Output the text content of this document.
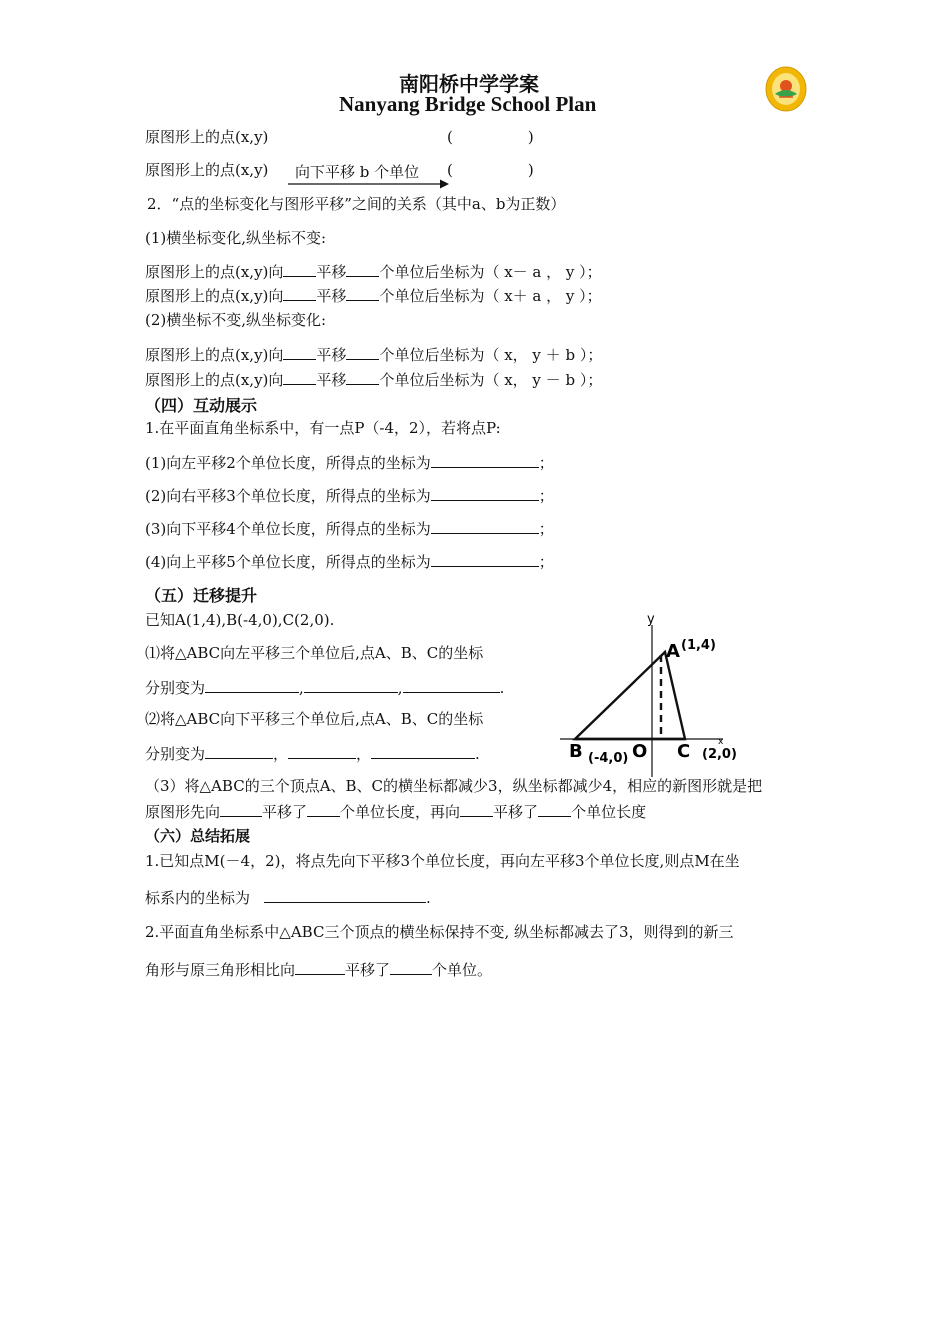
南阳桥中学学案
Nanyang Bridge School Plan
原图形上的点(x,y)	(　　　　　)
原图形上的点(x,y) 向下平移 b 个单位 (　　　　　)
2．“点的坐标变化与图形平移”之间的关系（其中a、b为正数）
(1)横坐标变化,纵坐标不变:
原图形上的点(x,y)向 平移 个单位后坐标为（ x－ a ， y ）；
原图形上的点(x,y)向 平移 个单位后坐标为（ x＋ a ， y ）；
(2)横坐标不变,纵坐标变化:
原图形上的点(x,y)向 平移 个单位后坐标为（ x， y ＋ b ）；
原图形上的点(x,y)向 平移 个单位后坐标为（ x， y － b ）；
（四）互动展示
1.在平面直角坐标系中，有一点P（-4，2），若将点P:
(1)向左平移2个单位长度，所得点的坐标为	；
(2)向右平移3个单位长度，所得点的坐标为	；
(3)向下平移4个单位长度，所得点的坐标为	；
(4)向上平移5个单位长度，所得点的坐标为	；
（五）迁移提升
已知A(1,4),B(-4,0),C(2,0).
⑴将△ABC向左平移三个单位后,点A、B、C的坐标
分别变为	,	,	.
⑵将△ABC向下平移三个单位后,点A、B、C的坐标
分别变为	，	，	.
y
x
A (1,4)
B (-4,0) O C (2,0)
（3）将△ABC的三个顶点A、B、C的横坐标都减少3，纵坐标都减少4，相应的新图形就是把
原图形先向	平移了 个单位长度，再向 平移了 个单位长度
（六）总结拓展
1.已知点M(－4，2)，将点先向下平移3个单位长度，再向左平移3个单位长度,则点M在坐
标系内的坐标为	.
2.平面直角坐标系中△ABC三个顶点的横坐标保持不变, 纵坐标都减去了3，则得到的新三
角形与原三角形相比向	平移了	个单位。
